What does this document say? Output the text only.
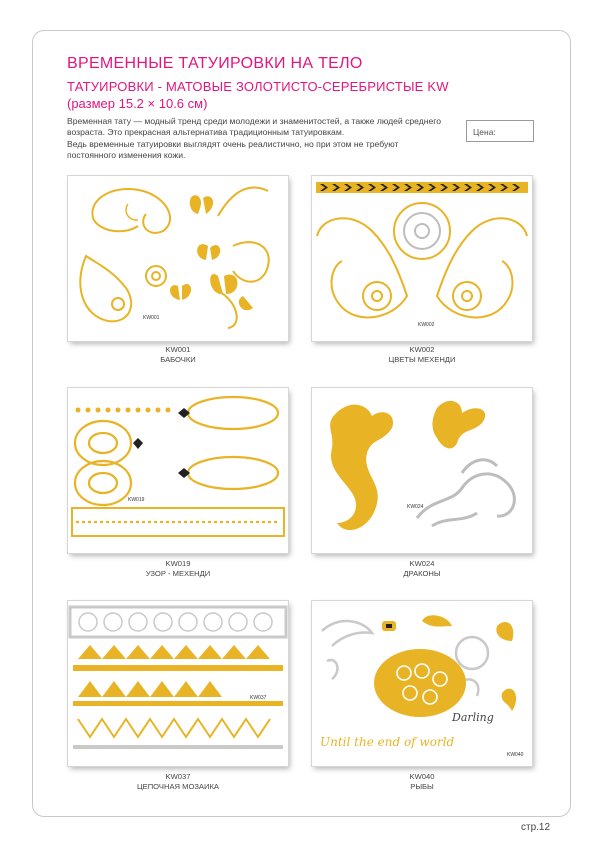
ВРЕМЕННЫЕ ТАТУИРОВКИ НА ТЕЛО
ТАТУИРОВКИ - МАТОВЫЕ ЗОЛОТИСТО-СЕРЕБРИСТЫЕ KW
(размер 15.2 × 10.6 см)

Временная тату — модный тренд среди молодежи и знаменитостей, а также людей среднего возраста. Это прекрасная альтернатива традиционным татуировкам.

Ведь временные татуировки выглядят очень реалистично, но при этом не требуют постоянного изменения кожи.

Цена:
KW001
KW001
БАБОЧКИ
KW002
KW002
ЦВЕТЫ МЕХЕНДИ
KW019
KW019
УЗОР - МЕХЕНДИ
KW024
KW024
ДРАКОНЫ
KW037
KW037
ЦЕПОЧНАЯ МОЗАИКА
Darling
Until the end of world
KW040
KW040
РЫБЫ
стр.12
